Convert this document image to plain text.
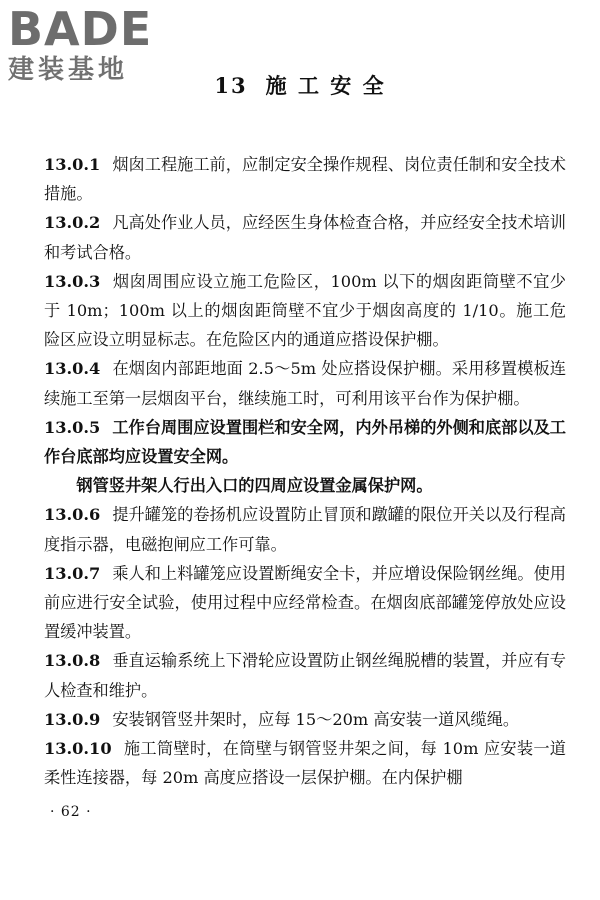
BADE
建装基地
13 施 工 安 全

13.0.1 烟囱工程施工前，应制定安全操作规程、岗位责任制和安全技术措施。

13.0.2 凡高处作业人员，应经医生身体检查合格，并应经安全技术培训和考试合格。

13.0.3 烟囱周围应设立施工危险区，100m 以下的烟囱距筒壁不宜少于 10m；100m 以上的烟囱距筒壁不宜少于烟囱高度的 1/10。施工危险区应设立明显标志。在危险区内的通道应搭设保护棚。

13.0.4 在烟囱内部距地面 2.5～5m 处应搭设保护棚。采用移置模板连续施工至第一层烟囱平台，继续施工时，可利用该平台作为保护棚。

13.0.5 工作台周围应设置围栏和安全网，内外吊梯的外侧和底部以及工作台底部均应设置安全网。

钢管竖井架人行出入口的四周应设置金属保护网。

13.0.6 提升罐笼的卷扬机应设置防止冒顶和蹾罐的限位开关以及行程高度指示器，电磁抱闸应工作可靠。

13.0.7 乘人和上料罐笼应设置断绳安全卡，并应增设保险钢丝绳。使用前应进行安全试验，使用过程中应经常检查。在烟囱底部罐笼停放处应设置缓冲装置。

13.0.8 垂直运输系统上下滑轮应设置防止钢丝绳脱槽的装置，并应有专人检查和维护。

13.0.9 安装钢管竖井架时，应每 15～20m 高安装一道风缆绳。

13.0.10 施工筒壁时，在筒壁与钢管竖井架之间，每 10m 应安装一道柔性连接器，每 20m 高度应搭设一层保护棚。在内保护棚

· 62 ·
